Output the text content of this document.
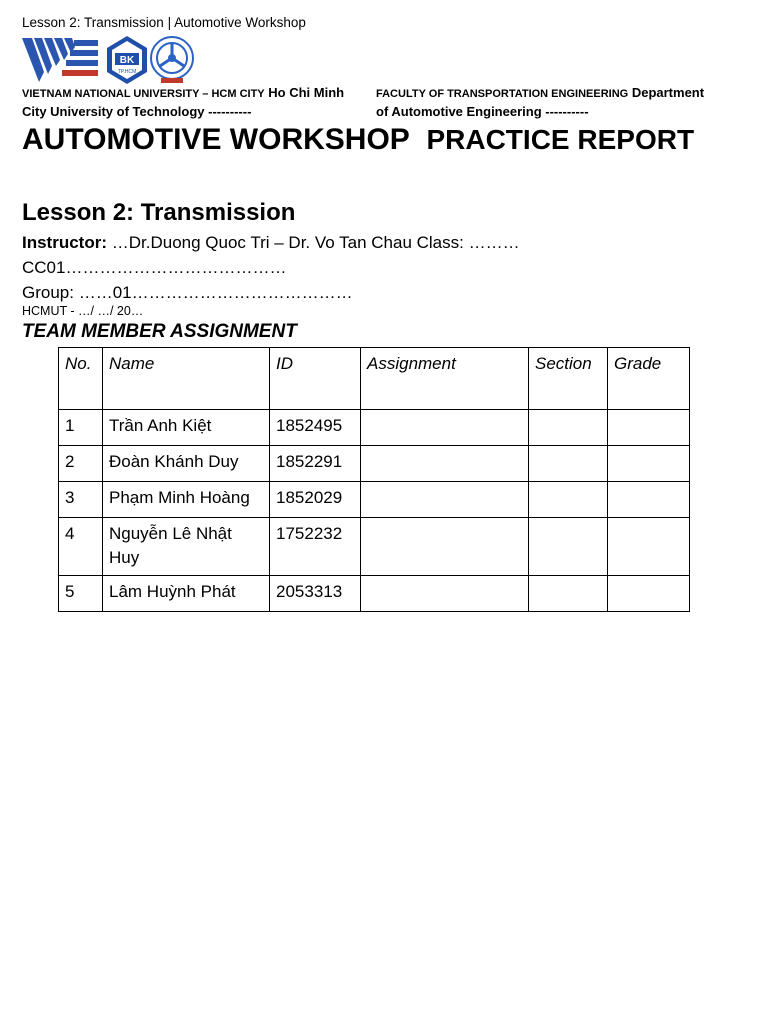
Lesson 2: Transmission | Automotive Workshop
BK
TP.HCM
VIETNAM NATIONAL UNIVERSITY – HCM CITY Ho Chi Minh
City University of Technology ----------
FACULTY OF TRANSPORTATION ENGINEERING Department
of Automotive Engineering ----------
AUTOMOTIVE WORKSHOP PRACTICE REPORT
Lesson 2: Transmission
Instructor: …Dr.Duong Quoc Tri – Dr. Vo Tan Chau Class: ………
CC01…………………………………
Group: ……01…………………………………
HCMUT - …/ …/ 20…
TEAM MEMBER ASSIGNMENT
No.	Name	ID	Assignment	Section	Grade
1	Trần Anh Kiệt	1852495			
2	Đoàn Khánh Duy	1852291			
3	Phạm Minh Hoàng	1852029			
4	Nguyễn Lê Nhật Huy	1752232			
5	Lâm Huỳnh Phát	2053313			
